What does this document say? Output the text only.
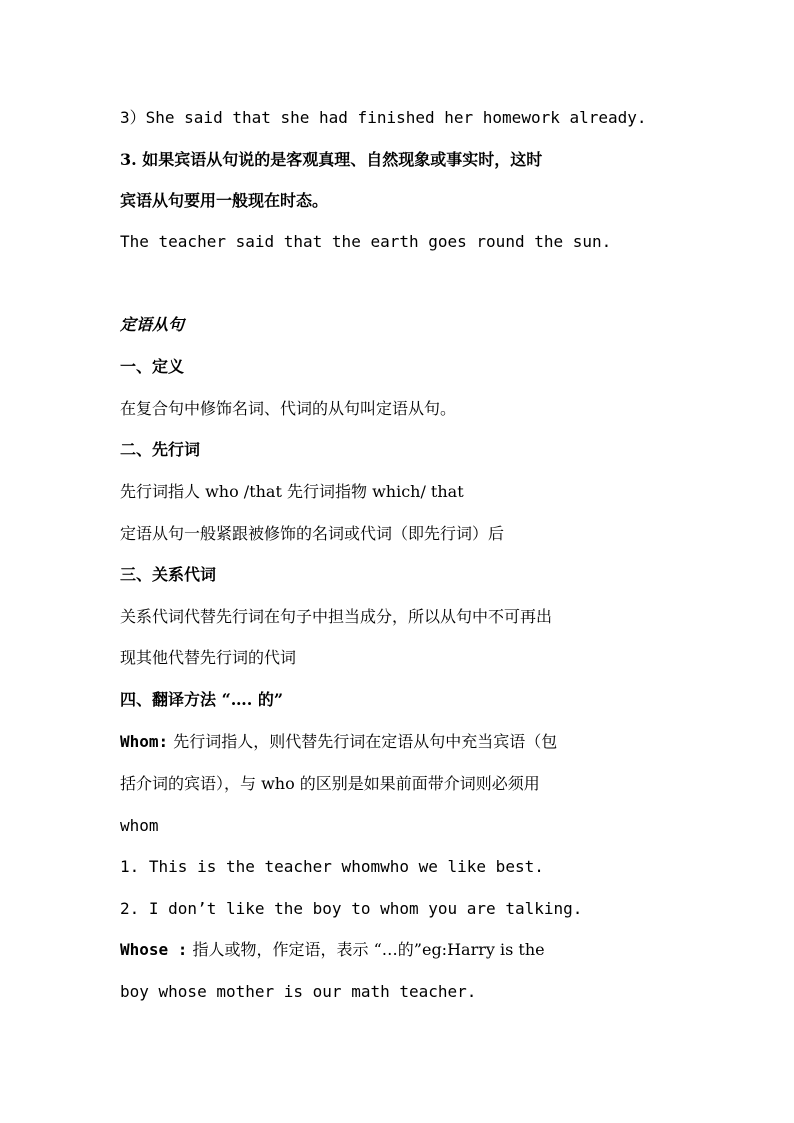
3）She said that she had finished her homework already.
3. 如果宾语从句说的是客观真理、自然现象或事实时，这时
宾语从句要用一般现在时态。
The teacher said that the earth goes round the sun.
定语从句
一、定义
在复合句中修饰名词、代词的从句叫定语从句。
二、先行词
先行词指人 who /that 先行词指物 which/ that
定语从句一般紧跟被修饰的名词或代词（即先行词）后
三、关系代词
关系代词代替先行词在句子中担当成分，所以从句中不可再出
现其他代替先行词的代词
四、翻译方法 “…. 的”
Whom: 先行词指人，则代替先行词在定语从句中充当宾语（包
括介词的宾语），与 who 的区别是如果前面带介词则必须用
whom
1. This is the teacher whomwho we like best.
2. I don’t like the boy to whom you are talking.
Whose : 指人或物，作定语，表示 “…的”eg:Harry is the
boy whose mother is our math teacher.
